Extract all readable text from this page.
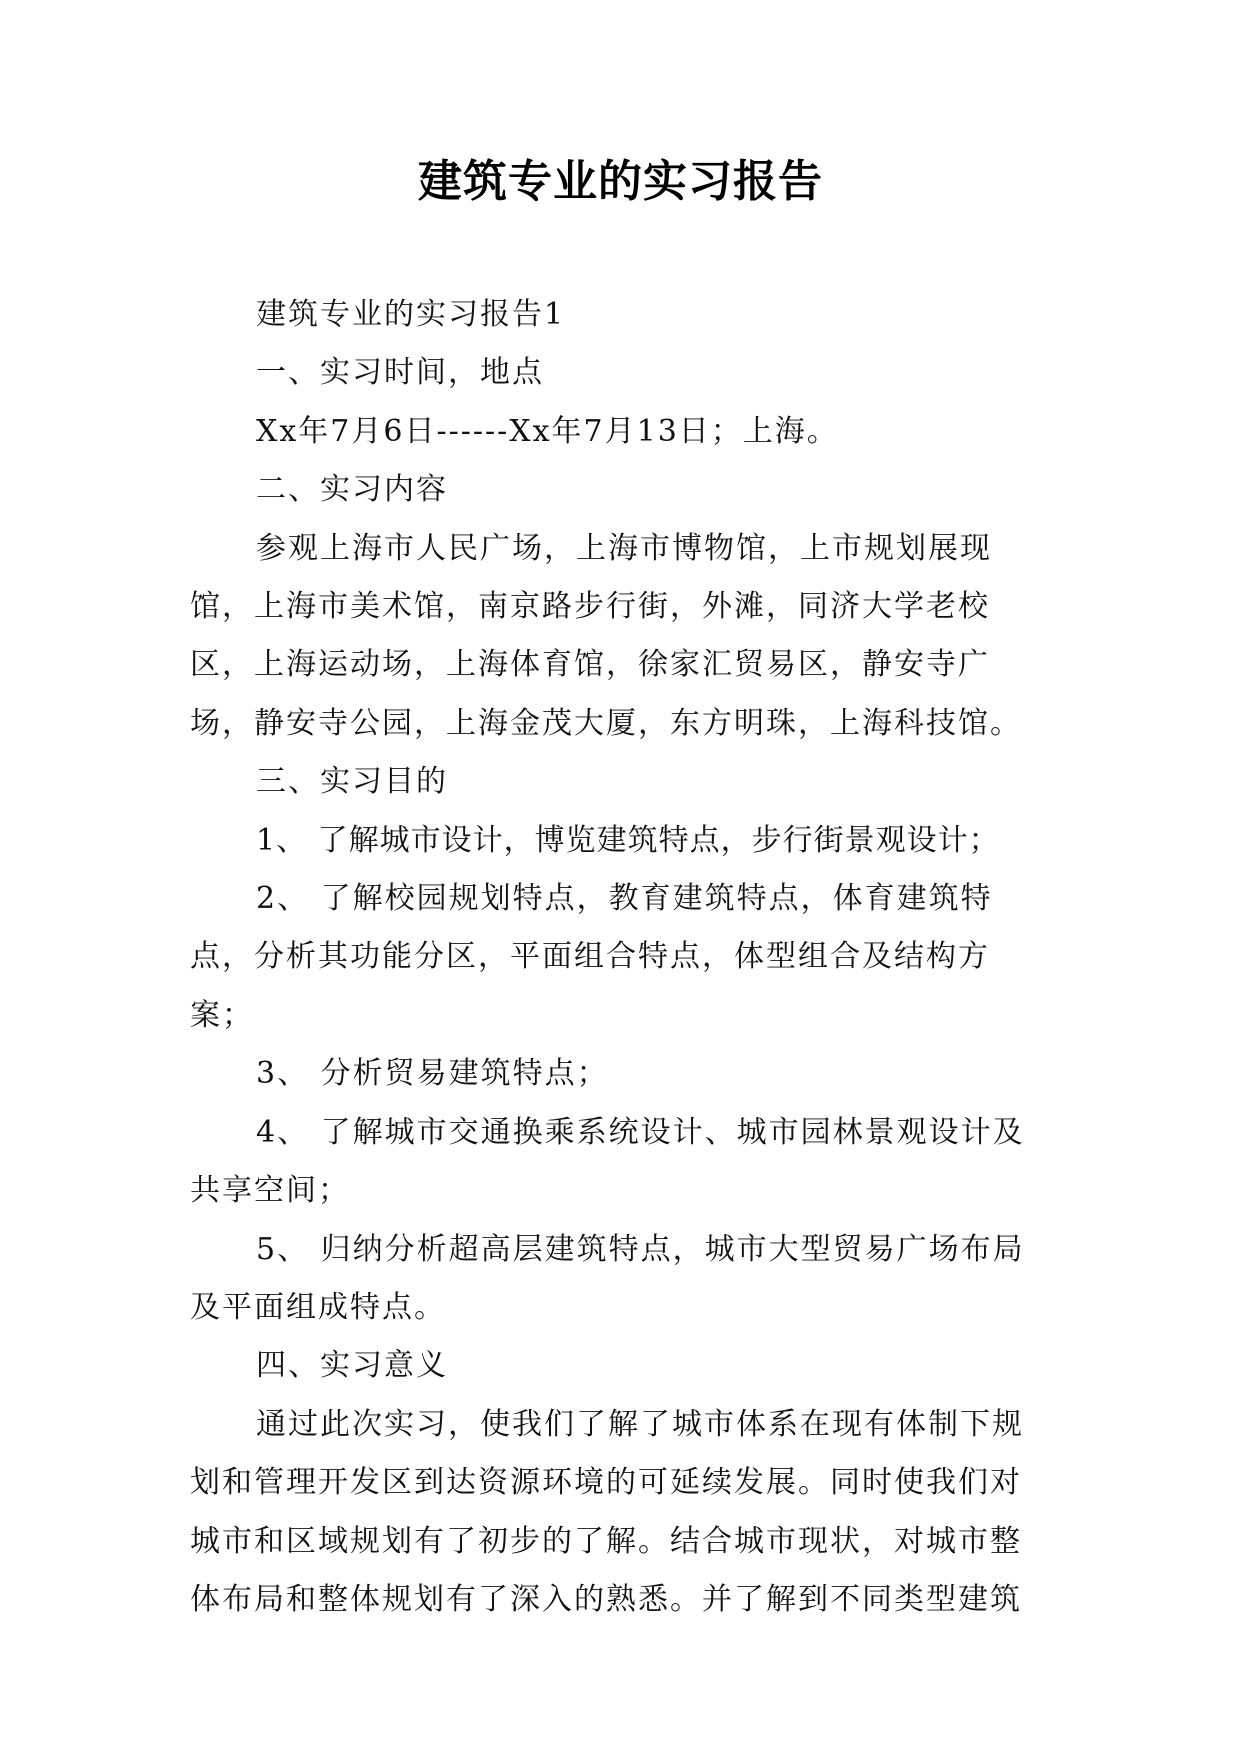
建筑专业的实习报告

建筑专业的实习报告1

一、实习时间，地点

Xx年7月6日------Xx年7月13日；上海。

二、实习内容

参观上海市人民广场，上海市博物馆，上市规划展现馆，上海市美术馆，南京路步行街，外滩，同济大学老校区，上海运动场，上海体育馆，徐家汇贸易区，静安寺广场，静安寺公园，上海金茂大厦，东方明珠，上海科技馆。

三、实习目的

1、 了解城市设计，博览建筑特点，步行街景观设计；

2、 了解校园规划特点，教育建筑特点，体育建筑特点，分析其功能分区，平面组合特点，体型组合及结构方案；

3、 分析贸易建筑特点；

4、 了解城市交通换乘系统设计、城市园林景观设计及共享空间；

5、 归纳分析超高层建筑特点，城市大型贸易广场布局及平面组成特点。

四、实习意义

通过此次实习，使我们了解了城市体系在现有体制下规划和管理开发区到达资源环境的可延续发展。同时使我们对城市和区域规划有了初步的了解。结合城市现状，对城市整体布局和整体规划有了深入的熟悉。并了解到不同类型建筑
